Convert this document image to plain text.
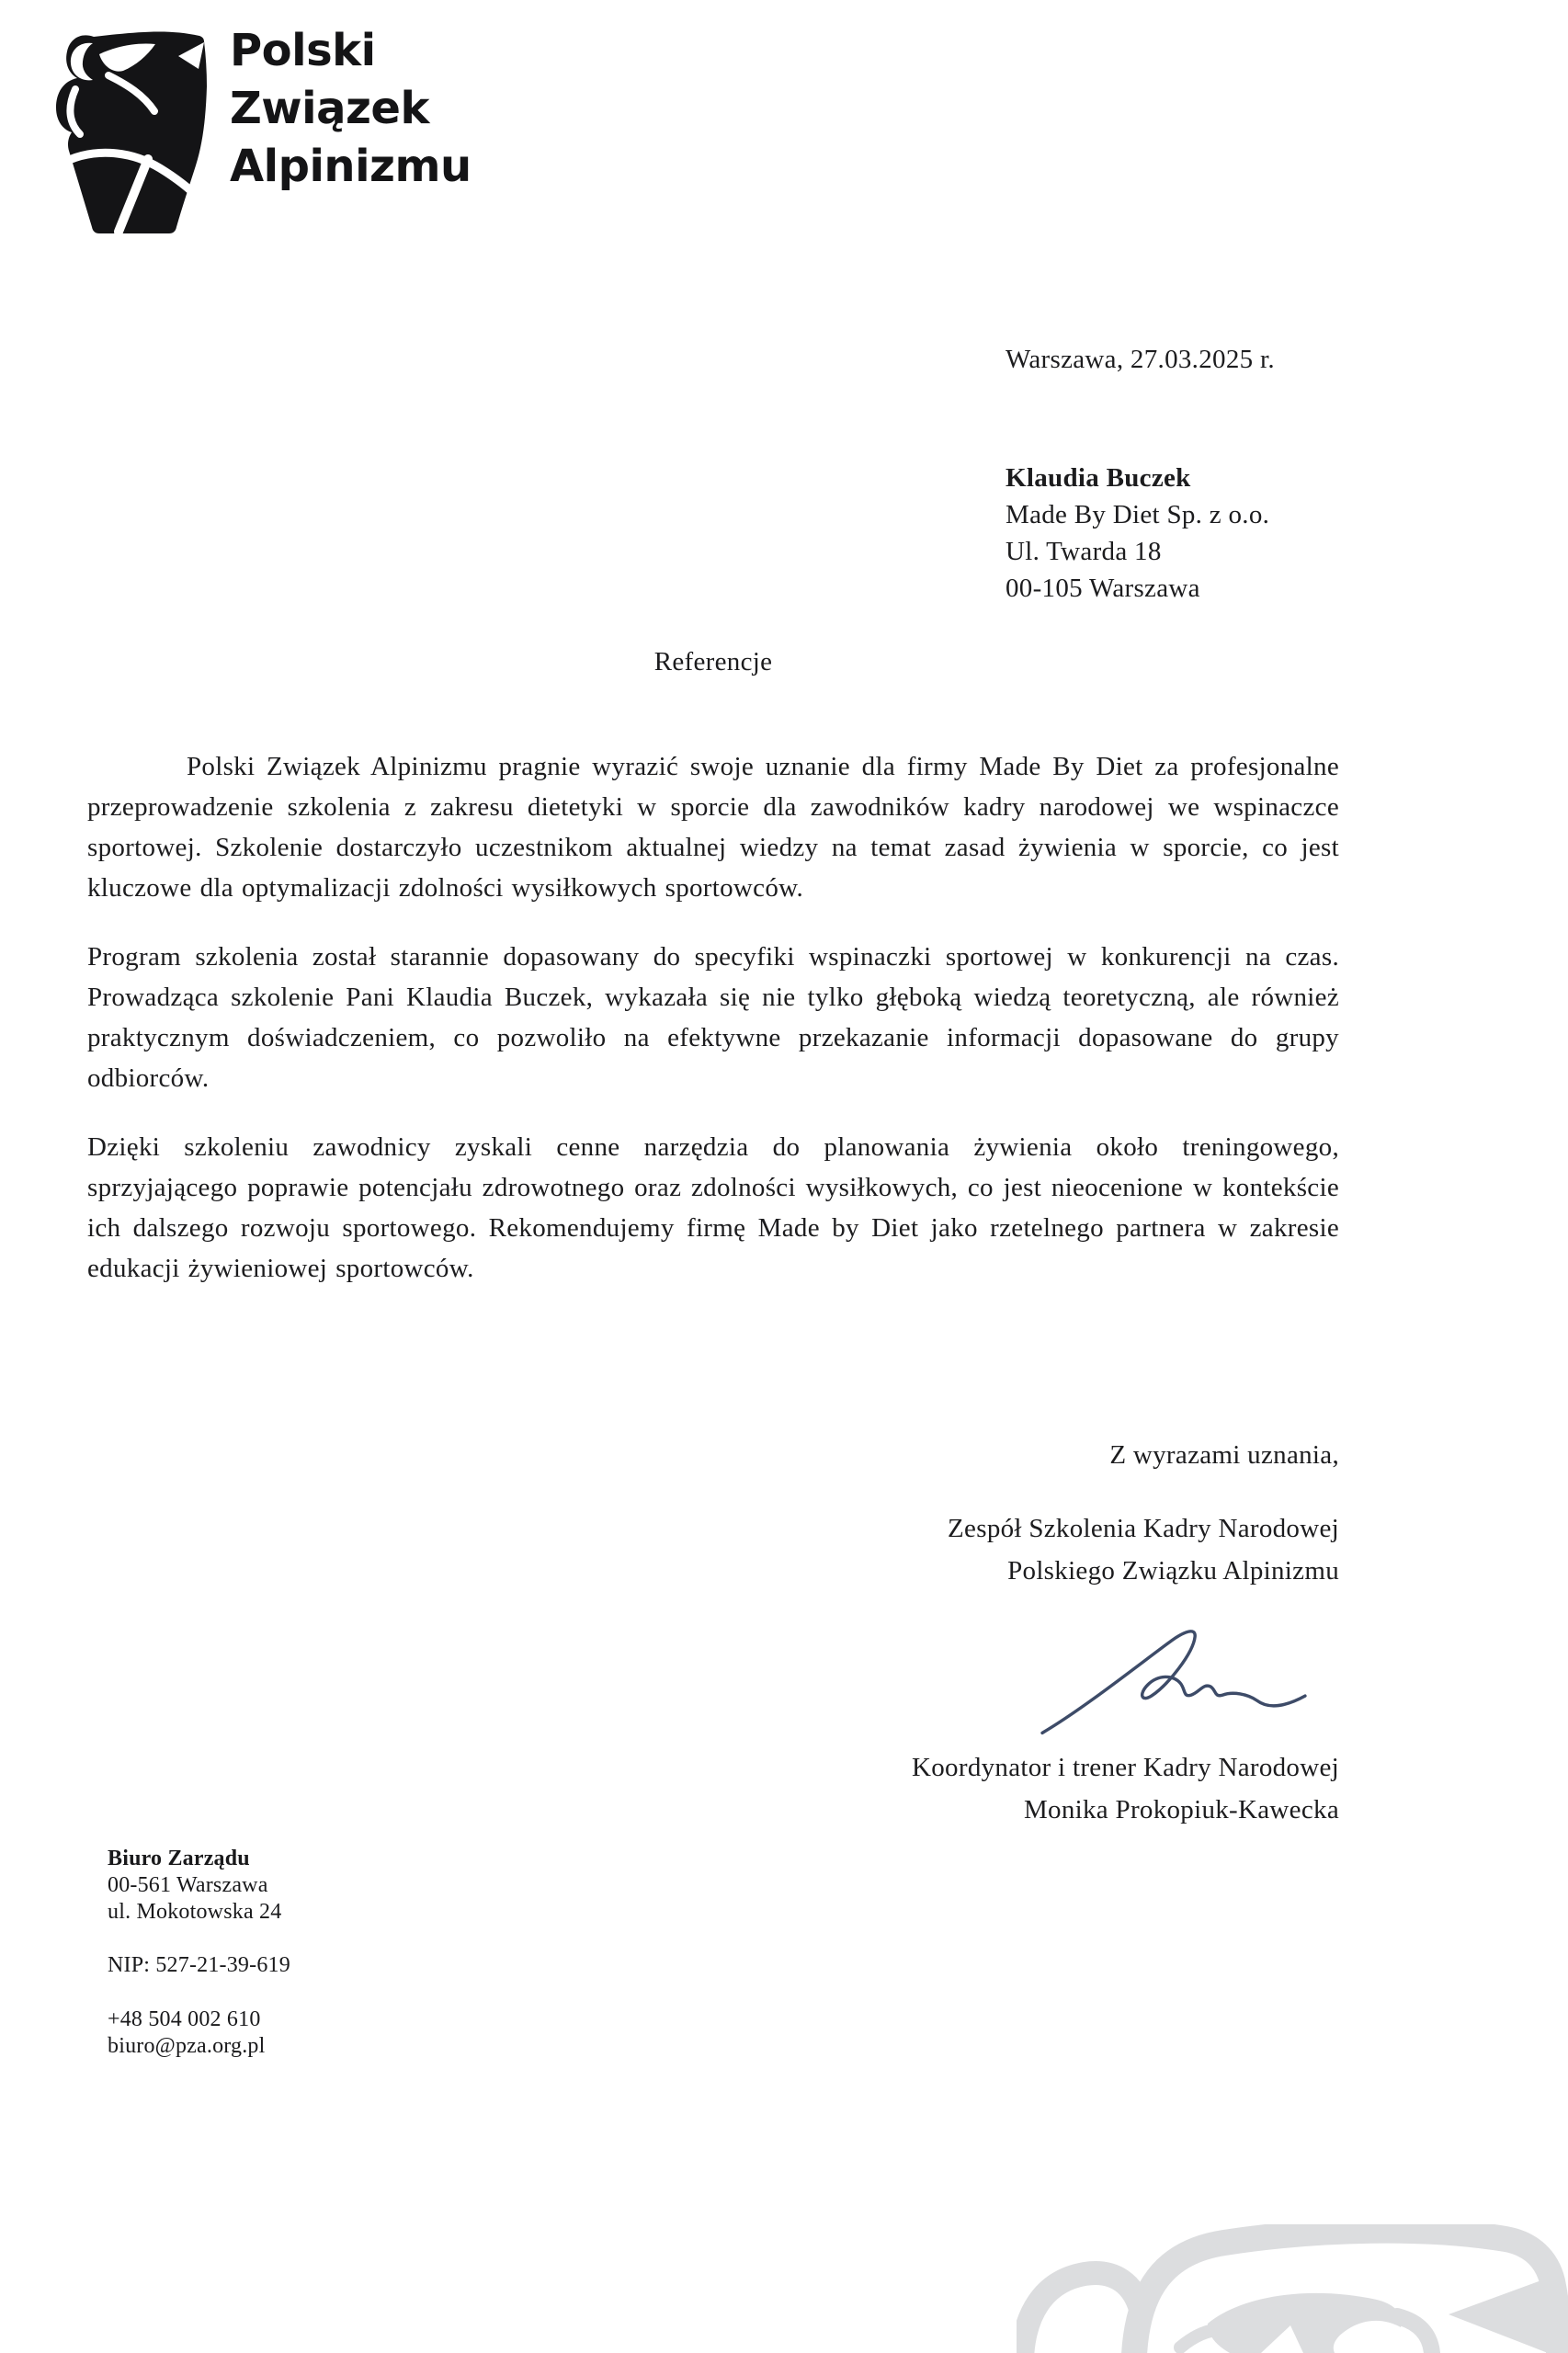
Polski
Związek
Alpinizmu
Warszawa, 27.03.2025 r.
Klaudia Buczek
Made By Diet Sp. z o.o.
Ul. Twarda 18
00-105 Warszawa
Referencje

Polski Związek Alpinizmu pragnie wyrazić swoje uznanie dla firmy Made By Diet za profesjonalne przeprowadzenie szkolenia z zakresu dietetyki w sporcie dla zawodników kadry narodowej we wspinaczce sportowej. Szkolenie dostarczyło uczestnikom aktualnej wiedzy na temat zasad żywienia w sporcie, co jest kluczowe dla optymalizacji zdolności wysiłkowych sportowców.

Program szkolenia został starannie dopasowany do specyfiki wspinaczki sportowej w konkurencji na czas. Prowadząca szkolenie Pani Klaudia Buczek, wykazała się nie tylko głęboką wiedzą teoretyczną, ale również praktycznym doświadczeniem, co pozwoliło na efektywne przekazanie informacji dopasowane do grupy odbiorców.

Dzięki szkoleniu zawodnicy zyskali cenne narzędzia do planowania żywienia około treningowego, sprzyjającego poprawie potencjału zdrowotnego oraz zdolności wysiłkowych, co jest nieocenione w kontekście ich dalszego rozwoju sportowego. Rekomendujemy firmę Made by Diet jako rzetelnego partnera w zakresie edukacji żywieniowej sportowców.

Z wyrazami uznania,
Zespół Szkolenia Kadry Narodowej
Polskiego Związku Alpinizmu
Koordynator i trener Kadry Narodowej
Monika Prokopiuk-Kawecka
Biuro Zarządu
00-561 Warszawa
ul. Mokotowska 24
NIP: 527-21-39-619
+48 504 002 610
biuro@pza.org.pl
